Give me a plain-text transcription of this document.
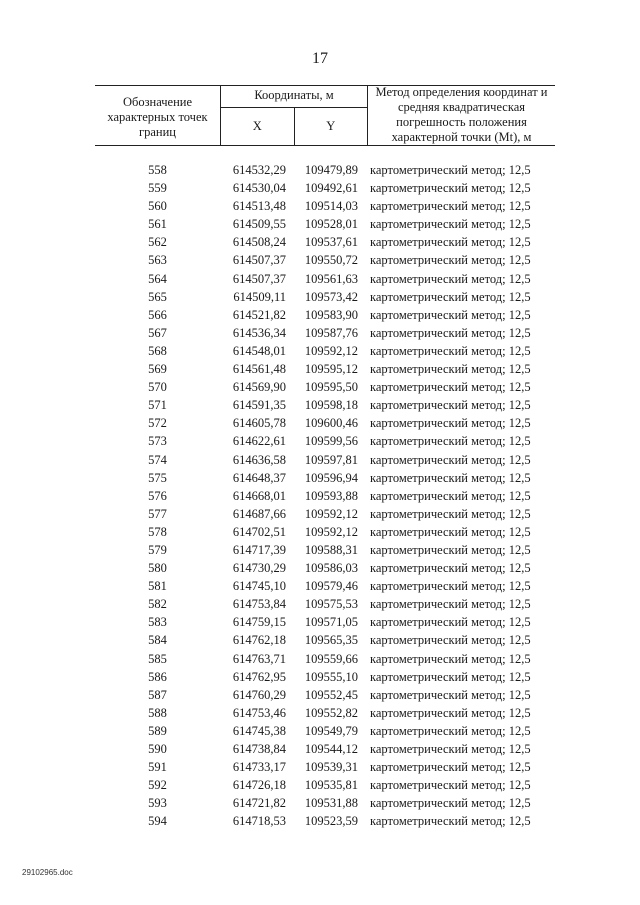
17
Обозначение характерных точек границ	Координаты, м		Метод определения координат и средняя квадратическая погрешность положения характерной точки (Mt), м
	X	Y	
558	614532,29	109479,89 картометрический метод; 12,5
559	614530,04	109492,61 картометрический метод; 12,5
560	614513,48	109514,03 картометрический метод; 12,5
561	614509,55	109528,01 картометрический метод; 12,5
562	614508,24	109537,61 картометрический метод; 12,5
563	614507,37	109550,72 картометрический метод; 12,5
564	614507,37	109561,63 картометрический метод; 12,5
565	614509,11	109573,42 картометрический метод; 12,5
566	614521,82	109583,90 картометрический метод; 12,5
567	614536,34	109587,76 картометрический метод; 12,5
568	614548,01	109592,12 картометрический метод; 12,5
569	614561,48	109595,12 картометрический метод; 12,5
570	614569,90	109595,50 картометрический метод; 12,5
571	614591,35	109598,18 картометрический метод; 12,5
572	614605,78	109600,46 картометрический метод; 12,5
573	614622,61	109599,56 картометрический метод; 12,5
574	614636,58	109597,81 картометрический метод; 12,5
575	614648,37	109596,94 картометрический метод; 12,5
576	614668,01	109593,88 картометрический метод; 12,5
577	614687,66	109592,12 картометрический метод; 12,5
578	614702,51	109592,12 картометрический метод; 12,5
579	614717,39	109588,31 картометрический метод; 12,5
580	614730,29	109586,03 картометрический метод; 12,5
581	614745,10	109579,46 картометрический метод; 12,5
582	614753,84	109575,53 картометрический метод; 12,5
583	614759,15	109571,05 картометрический метод; 12,5
584	614762,18	109565,35 картометрический метод; 12,5
585	614763,71	109559,66 картометрический метод; 12,5
586	614762,95	109555,10 картометрический метод; 12,5
587	614760,29	109552,45 картометрический метод; 12,5
588	614753,46	109552,82 картометрический метод; 12,5
589	614745,38	109549,79 картометрический метод; 12,5
590	614738,84	109544,12 картометрический метод; 12,5
591	614733,17	109539,31 картометрический метод; 12,5
592	614726,18	109535,81 картометрический метод; 12,5
593	614721,82	109531,88 картометрический метод; 12,5
594	614718,53	109523,59 картометрический метод; 12,5
29102965.doc
